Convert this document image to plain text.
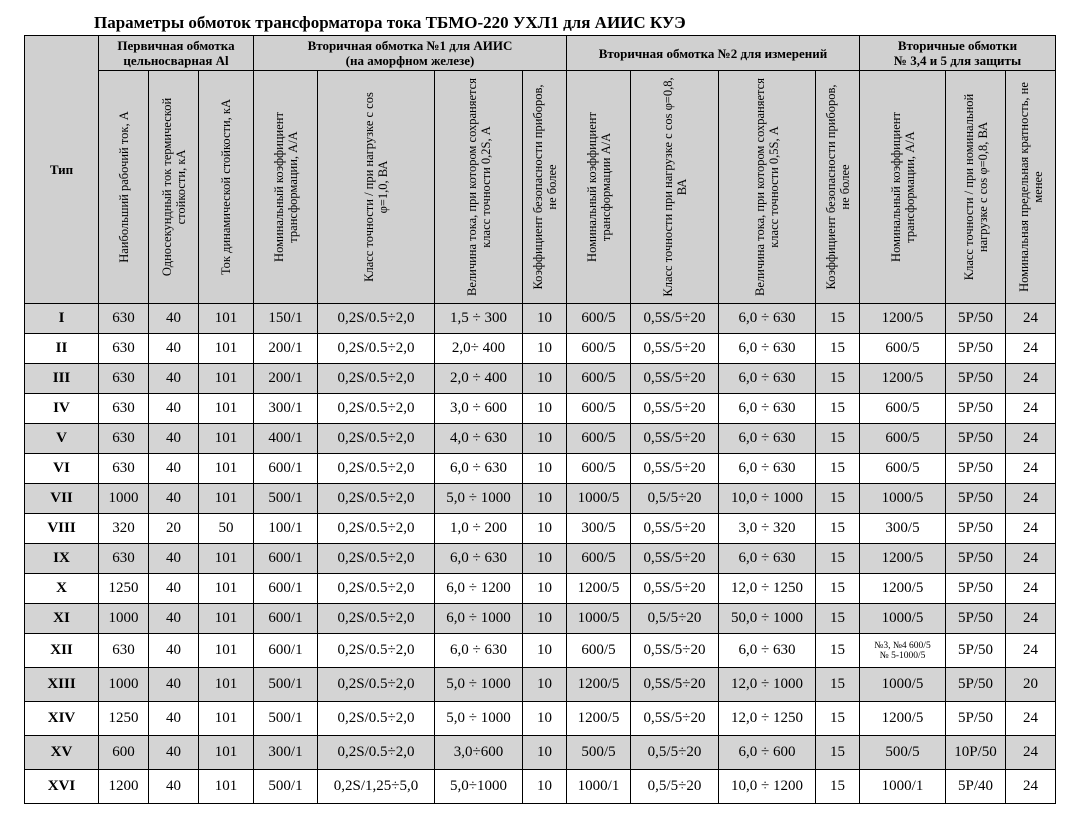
Параметры обмоток трансформатора тока ТБМО-220 УХЛ1 для АИИС КУЭ
Тип	Первичная обмотка
цельносварная Al			Вторичная обмотка №1 для АИИС
(на аморфном железе)				Вторичная обмотка №2 для измерений				Вторичные обмотки
№ 3,4 и 5 для защиты		

	Наибольший рабочий ток, А	Односекундный ток термической стойкости, кА	Ток динамической стойкости, кА	Номинальный коэффициент трансформации, А/А	Класс точности / при нагрузке с cos φ=1,0, ВА	Величина тока, при котором сохраняется класс точности 0,2S, А	Коэффициент безопасности приборов, не более	Номинальный коэффициент трансформации А/А	Класс точности при нагрузке с cos φ=0,8, ВА	Величина тока, при котором сохраняется класс точности 0,5S, А	Коэффициент безопасности приборов, не более	Номинальный коэффициент трансформации, А/А	Класс точности / при номинальной нагрузке с cos φ=0,8, ВА	Номинальная предельная кратность, не менее

I	630	40	101	150/1	0,2S/0.5÷2,0	1,5 ÷ 300	10	600/5	0,5S/5÷20	6,0 ÷ 630	15	1200/5	5Р/50	24
II	630	40	101	200/1	0,2S/0.5÷2,0	2,0÷ 400	10	600/5	0,5S/5÷20	6,0 ÷ 630	15	600/5	5Р/50	24
III	630	40	101	200/1	0,2S/0.5÷2,0	2,0 ÷ 400	10	600/5	0,5S/5÷20	6,0 ÷ 630	15	1200/5	5Р/50	24
IV	630	40	101	300/1	0,2S/0.5÷2,0	3,0 ÷ 600	10	600/5	0,5S/5÷20	6,0 ÷ 630	15	600/5	5Р/50	24
V	630	40	101	400/1	0,2S/0.5÷2,0	4,0 ÷ 630	10	600/5	0,5S/5÷20	6,0 ÷ 630	15	600/5	5Р/50	24
VI	630	40	101	600/1	0,2S/0.5÷2,0	6,0 ÷ 630	10	600/5	0,5S/5÷20	6,0 ÷ 630	15	600/5	5Р/50	24
VII	1000	40	101	500/1	0,2S/0.5÷2,0	5,0 ÷ 1000	10	1000/5	0,5/5÷20	10,0 ÷ 1000	15	1000/5	5Р/50	24
VIII	320	20	50	100/1	0,2S/0.5÷2,0	1,0 ÷ 200	10	300/5	0,5S/5÷20	3,0 ÷ 320	15	300/5	5Р/50	24
IX	630	40	101	600/1	0,2S/0.5÷2,0	6,0 ÷ 630	10	600/5	0,5S/5÷20	6,0 ÷ 630	15	1200/5	5Р/50	24
X	1250	40	101	600/1	0,2S/0.5÷2,0	6,0 ÷ 1200	10	1200/5	0,5S/5÷20	12,0 ÷ 1250	15	1200/5	5Р/50	24
XI	1000	40	101	600/1	0,2S/0.5÷2,0	6,0 ÷ 1000	10	1000/5	0,5/5÷20	50,0 ÷ 1000	15	1000/5	5Р/50	24
XII	630	40	101	600/1	0,2S/0.5÷2,0	6,0 ÷ 630	10	600/5	0,5S/5÷20	6,0 ÷ 630	15	№3, №4 600/5
№ 5-1000/5	5Р/50	24
XIII	1000	40	101	500/1	0,2S/0.5÷2,0	5,0 ÷ 1000	10	1200/5	0,5S/5÷20	12,0 ÷ 1000	15	1000/5	5Р/50	20
XIV	1250	40	101	500/1	0,2S/0.5÷2,0	5,0 ÷ 1000	10	1200/5	0,5S/5÷20	12,0 ÷ 1250	15	1200/5	5Р/50	24
XV	600	40	101	300/1	0,2S/0.5÷2,0	3,0÷600	10	500/5	0,5/5÷20	6,0 ÷ 600	15	500/5	10Р/50	24
XVI	1200	40	101	500/1	0,2S/1,25÷5,0	5,0÷1000	10	1000/1	0,5/5÷20	10,0 ÷ 1200	15	1000/1	5Р/40	24
